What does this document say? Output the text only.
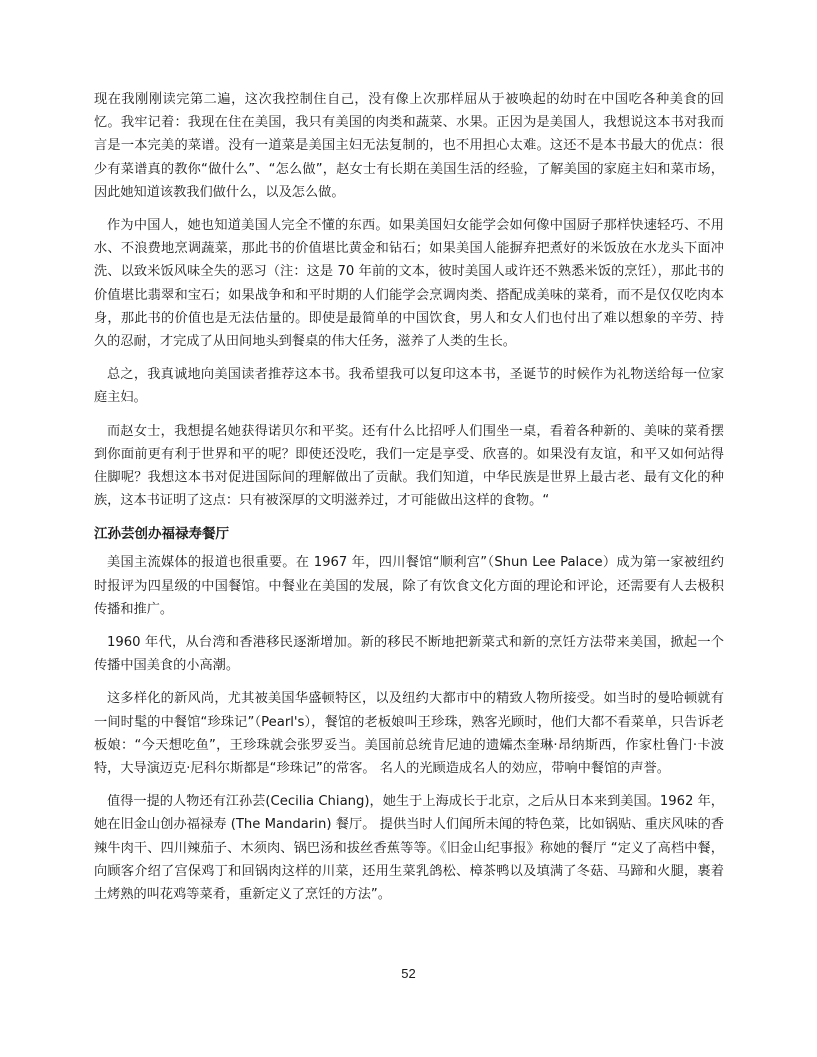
现在我刚刚读完第二遍，这次我控制住自己，没有像上次那样屈从于被唤起的幼时在中国吃各种美食的回忆。我牢记着：我现在住在美国，我只有美国的肉类和蔬菜、水果。正因为是美国人，我想说这本书对我而言是一本完美的菜谱。没有一道菜是美国主妇无法复制的，也不用担心太难。这还不是本书最大的优点：很少有菜谱真的教你“做什么”、“怎么做”，赵女士有长期在美国生活的经验，了解美国的家庭主妇和菜市场，因此她知道该教我们做什么，以及怎么做。

作为中国人，她也知道美国人完全不懂的东西。如果美国妇女能学会如何像中国厨子那样快速轻巧、不用水、不浪费地烹调蔬菜，那此书的价值堪比黄金和钻石；如果美国人能摒弃把煮好的米饭放在水龙头下面冲洗、以致米饭风味全失的恶习（注：这是 70 年前的文本，彼时美国人或许还不熟悉米饭的烹饪），那此书的价值堪比翡翠和宝石；如果战争和和平时期的人们能学会烹调肉类、搭配成美味的菜肴，而不是仅仅吃肉本身，那此书的价值也是无法估量的。即使是最简单的中国饮食，男人和女人们也付出了难以想象的辛劳、持久的忍耐，才完成了从田间地头到餐桌的伟大任务，滋养了人类的生长。

总之，我真诚地向美国读者推荐这本书。我希望我可以复印这本书，圣诞节的时候作为礼物送给每一位家庭主妇。

而赵女士，我想提名她获得诺贝尔和平奖。还有什么比招呼人们围坐一桌，看着各种新的、美味的菜肴摆到你面前更有利于世界和平的呢？即使还没吃，我们一定是享受、欣喜的。如果没有友谊，和平又如何站得住脚呢？我想这本书对促进国际间的理解做出了贡献。我们知道，中华民族是世界上最古老、最有文化的种族，这本书证明了这点：只有被深厚的文明滋养过，才可能做出这样的食物。“

江孙芸创办福禄寿餐厅

美国主流媒体的报道也很重要。在 1967 年，四川餐馆“顺利宫”（Shun Lee Palace）成为第一家被纽约时报评为四星级的中国餐馆。中餐业在美国的发展，除了有饮食文化方面的理论和评论，还需要有人去极积传播和推广。

1960 年代，从台湾和香港移民逐渐增加。新的移民不断地把新菜式和新的烹饪方法带来美国，掀起一个传播中国美食的小高潮。

这多样化的新风尚，尤其被美国华盛顿特区，以及纽约大都市中的精致人物所接受。如当时的曼哈顿就有一间时髦的中餐馆“珍珠记”（Pearl's），餐馆的老板娘叫王珍珠，熟客光顾时，他们大都不看菜单，只告诉老板娘：“今天想吃鱼”，王珍珠就会张罗妥当。美国前总统肯尼迪的遗孀杰奎琳·昂纳斯西，作家杜鲁门·卡波特，大导演迈克·尼科尔斯都是“珍珠记”的常客。 名人的光顾造成名人的効应，带响中餐馆的声誉。

值得一提的人物还有江孙芸(Cecilia Chiang)，她生于上海成长于北京，之后从日本来到美国。1962 年，她在旧金山创办福禄寿 (The Mandarin) 餐厅。 提供当时人们闻所未闻的特色菜，比如锅贴、重庆风味的香辣牛肉干、四川辣茄子、木须肉、锅巴汤和拔丝香蕉等等。《旧金山纪事报》称她的餐厅 “定义了高档中餐，向顾客介绍了宫保鸡丁和回锅肉这样的川菜，还用生菜乳鸽松、樟茶鸭以及填满了冬菇、马蹄和火腿，裹着土烤熟的叫花鸡等菜肴，重新定义了烹饪的方法”。

52
